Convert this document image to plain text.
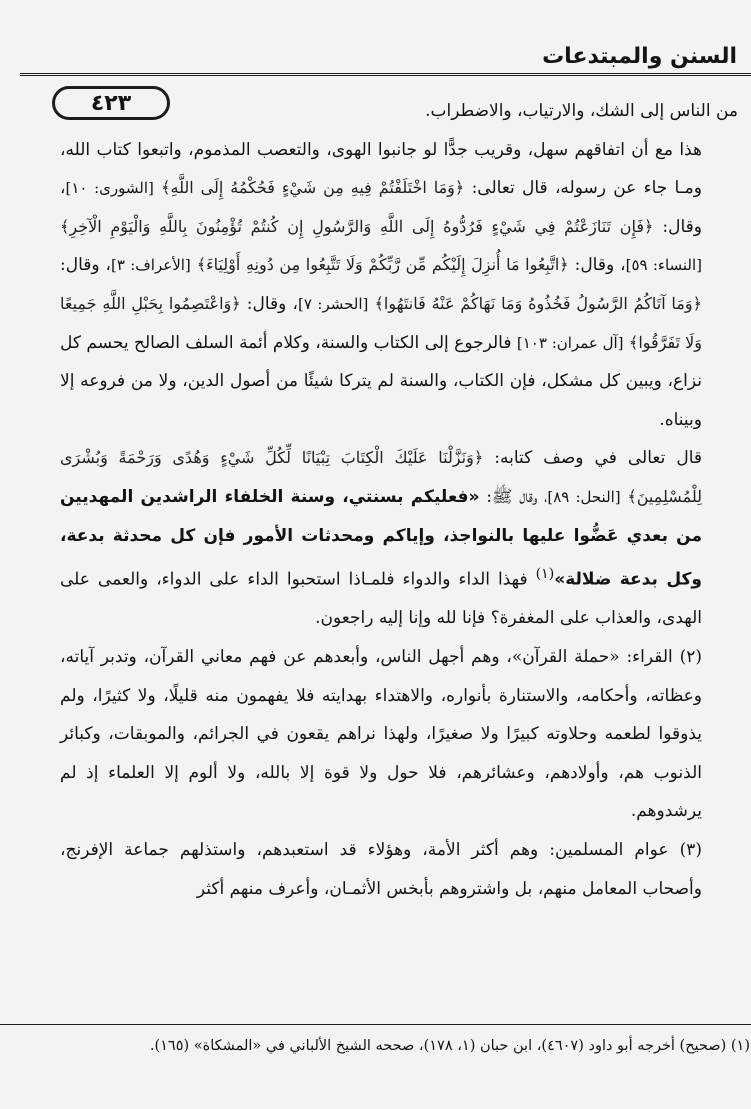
السنن والمبتدعات
٤٢٣	من الناس إلى الشك، والارتياب، والاضطراب.

هذا مع أن اتفاقهم سهل، وقريب جدًّا لو جانبوا الهوى، والتعصب المذموم، واتبعوا كتاب الله، ومـا جاء عن رسوله، قال تعالى: ﴿وَمَا اخْتَلَفْتُمْ فِيهِ مِن شَيْءٍ فَحُكْمُهُ إِلَى اللَّهِ﴾ [الشورى: ١٠]، وقال: ﴿فَإِن تَنَازَعْتُمْ فِي شَيْءٍ فَرُدُّوهُ إِلَى اللَّهِ وَالرَّسُولِ إِن كُنتُمْ تُؤْمِنُونَ بِاللَّهِ وَالْيَوْمِ الْآخِرِ﴾ [النساء: ٥٩]، وقال: ﴿اتَّبِعُوا مَا أُنزِلَ إِلَيْكُم مِّن رَّبِّكُمْ وَلَا تَتَّبِعُوا مِن دُونِهِ أَوْلِيَاءَ﴾ [الأعراف: ٣]، وقال: ﴿وَمَا آتَاكُمُ الرَّسُولُ فَخُذُوهُ وَمَا نَهَاكُمْ عَنْهُ فَانتَهُوا﴾ [الحشر: ٧]، وقال: ﴿وَاعْتَصِمُوا بِحَبْلِ اللَّهِ جَمِيعًا وَلَا تَفَرَّقُوا﴾ [آل عمران: ١٠٣] فالرجوع إلى الكتاب والسنة، وكلام أئمة السلف الصالح يحسم كل نزاع، ويبين كل مشكل، فإن الكتاب، والسنة لم يتركا شيئًا من أصول الدين، ولا من فروعه إلا وبيناه.

قال تعالى في وصف كتابه: ﴿وَنَزَّلْنَا عَلَيْكَ الْكِتَابَ تِبْيَانًا لِّكُلِّ شَيْءٍ وَهُدًى وَرَحْمَةً وَبُشْرَى لِلْمُسْلِمِينَ﴾ [النحل: ٨٩]، وقال ﷺ: «فعليكم بسنتي، وسنة الخلفاء الراشدين المهديين من بعدي عَضُّوا عليها بالنواجذ، وإياكم ومحدثات الأمور فإن كل محدثة بدعة، وكل بدعة ضلالة»$^{(١)}$ فهذا الداء والدواء فلمـاذا استحبوا الداء على الدواء، والعمى على الهدى، والعذاب على المغفرة؟ فإنا لله وإنا إليه راجعون.

(٢) القراء: «حملة القرآن»، وهم أجهل الناس، وأبعدهم عن فهم معاني القرآن، وتدبر آياته، وعظاته، وأحكامه، والاستنارة بأنواره، والاهتداء بهدايته فلا يفهمون منه قليلًا، ولا كثيرًا، ولم يذوقوا لطعمه وحلاوته كبيرًا ولا صغيرًا، ولهذا نراهم يقعون في الجرائم، والموبقات، وكبائر الذنوب هم، وأولادهم، وعشائرهم، فلا حول ولا قوة إلا بالله، ولا ألوم إلا العلماء إذ لم يرشدوهم.

(٣) عوام المسلمين: وهم أكثر الأمة، وهؤلاء قد استعبدهم، واستذلهم جماعة الإفرنج، وأصحاب المعامل منهم، بل واشتروهم بأبخس الأثمـان، وأعرف منهم أكثر

(١) (صحيح) أخرجه أبو داود (٤٦٠٧)، ابن حبان (١، ١٧٨)، صححه الشيخ الألباني في «المشكاة» (١٦٥).
